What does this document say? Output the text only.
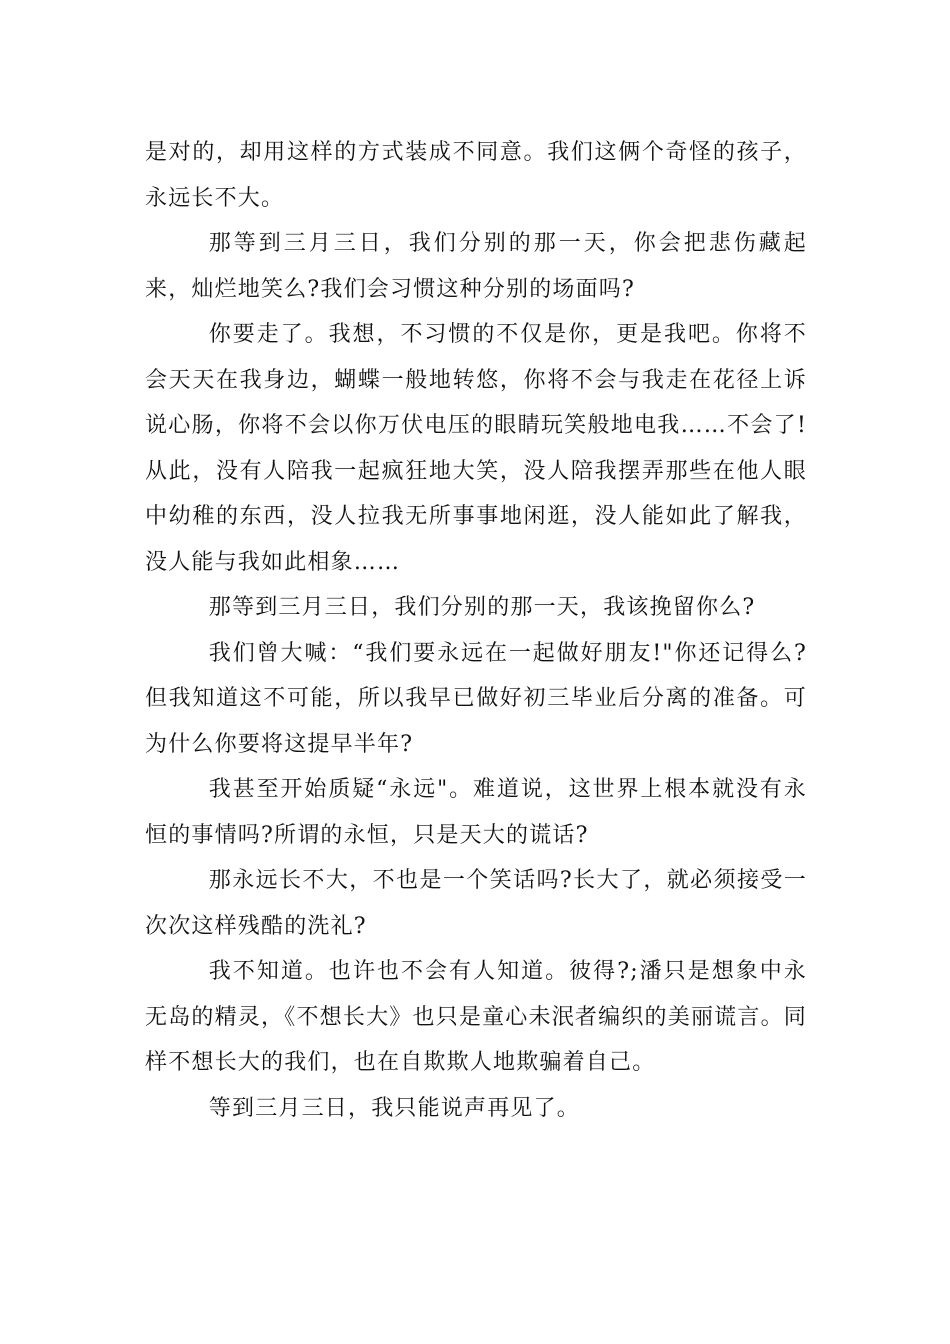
是对的，却用这样的方式装成不同意。我们这俩个奇怪的孩子，永远长不大。

那等到三月三日，我们分别的那一天，你会把悲伤藏起来，灿烂地笑么?我们会习惯这种分别的场面吗?

你要走了。我想，不习惯的不仅是你，更是我吧。你将不会天天在我身边，蝴蝶一般地转悠，你将不会与我走在花径上诉说心肠，你将不会以你万伏电压的眼睛玩笑般地电我……不会了!从此，没有人陪我一起疯狂地大笑，没人陪我摆弄那些在他人眼中幼稚的东西，没人拉我无所事事地闲逛，没人能如此了解我，没人能与我如此相象……

那等到三月三日，我们分别的那一天，我该挽留你么?

我们曾大喊：“我们要永远在一起做好朋友!"你还记得么?但我知道这不可能，所以我早已做好初三毕业后分离的准备。可为什么你要将这提早半年?

我甚至开始质疑“永远"。难道说，这世界上根本就没有永恒的事情吗?所谓的永恒，只是天大的谎话?

那永远长不大，不也是一个笑话吗?长大了，就必须接受一次次这样残酷的洗礼?

我不知道。也许也不会有人知道。彼得?;潘只是想象中永无岛的精灵，《不想长大》也只是童心未泯者编织的美丽谎言。同样不想长大的我们，也在自欺欺人地欺骗着自己。

等到三月三日，我只能说声再见了。
